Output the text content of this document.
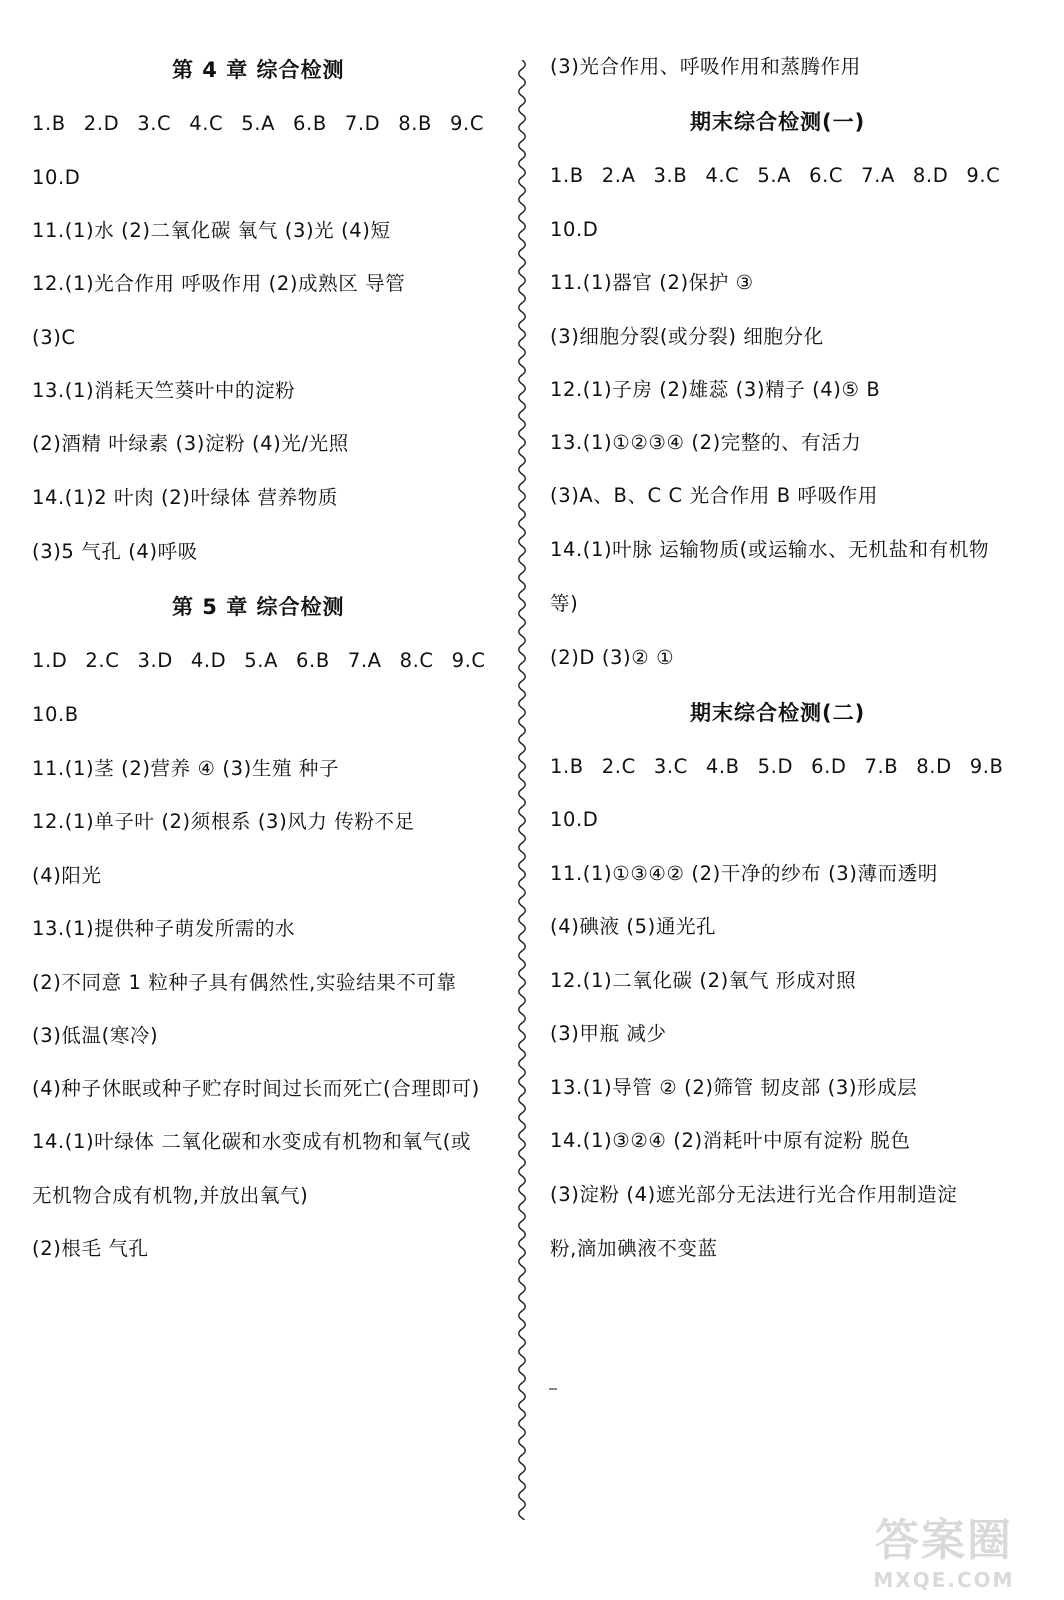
第 4 章 综合检测
1.B 2.D 3.C 4.C 5.A 6.B 7.D 8.B 9.C
10.D
11.(1)水 (2)二氧化碳 氧气 (3)光 (4)短
12.(1)光合作用 呼吸作用 (2)成熟区 导管
(3)C
13.(1)消耗天竺葵叶中的淀粉
(2)酒精 叶绿素 (3)淀粉 (4)光/光照
14.(1)2 叶肉 (2)叶绿体 营养物质
(3)5 气孔 (4)呼吸
第 5 章 综合检测
1.D 2.C 3.D 4.D 5.A 6.B 7.A 8.C 9.C
10.B
11.(1)茎 (2)营养 ④ (3)生殖 种子
12.(1)单子叶 (2)须根系 (3)风力 传粉不足
(4)阳光
13.(1)提供种子萌发所需的水
(2)不同意 1 粒种子具有偶然性,实验结果不可靠
(3)低温(寒冷)
(4)种子休眠或种子贮存时间过长而死亡(合理即可)
14.(1)叶绿体 二氧化碳和水变成有机物和氧气(或
无机物合成有机物,并放出氧气)
(2)根毛 气孔
(3)光合作用、呼吸作用和蒸腾作用
期末综合检测(一)
1.B 2.A 3.B 4.C 5.A 6.C 7.A 8.D 9.C
10.D
11.(1)器官 (2)保护 ③
(3)细胞分裂(或分裂) 细胞分化
12.(1)子房 (2)雄蕊 (3)精子 (4)⑤ B
13.(1)①②③④ (2)完整的、有活力
(3)A、B、C C 光合作用 B 呼吸作用
14.(1)叶脉 运输物质(或运输水、无机盐和有机物
等)
(2)D (3)② ①
期末综合检测(二)
1.B 2.C 3.C 4.B 5.D 6.D 7.B 8.D 9.B
10.D
11.(1)①③④② (2)干净的纱布 (3)薄而透明
(4)碘液 (5)通光孔
12.(1)二氧化碳 (2)氧气 形成对照
(3)甲瓶 减少
13.(1)导管 ② (2)筛管 韧皮部 (3)形成层
14.(1)③②④ (2)消耗叶中原有淀粉 脱色
(3)淀粉 (4)遮光部分无法进行光合作用制造淀
粉,滴加碘液不变蓝
答案圈
MXQE.COM
